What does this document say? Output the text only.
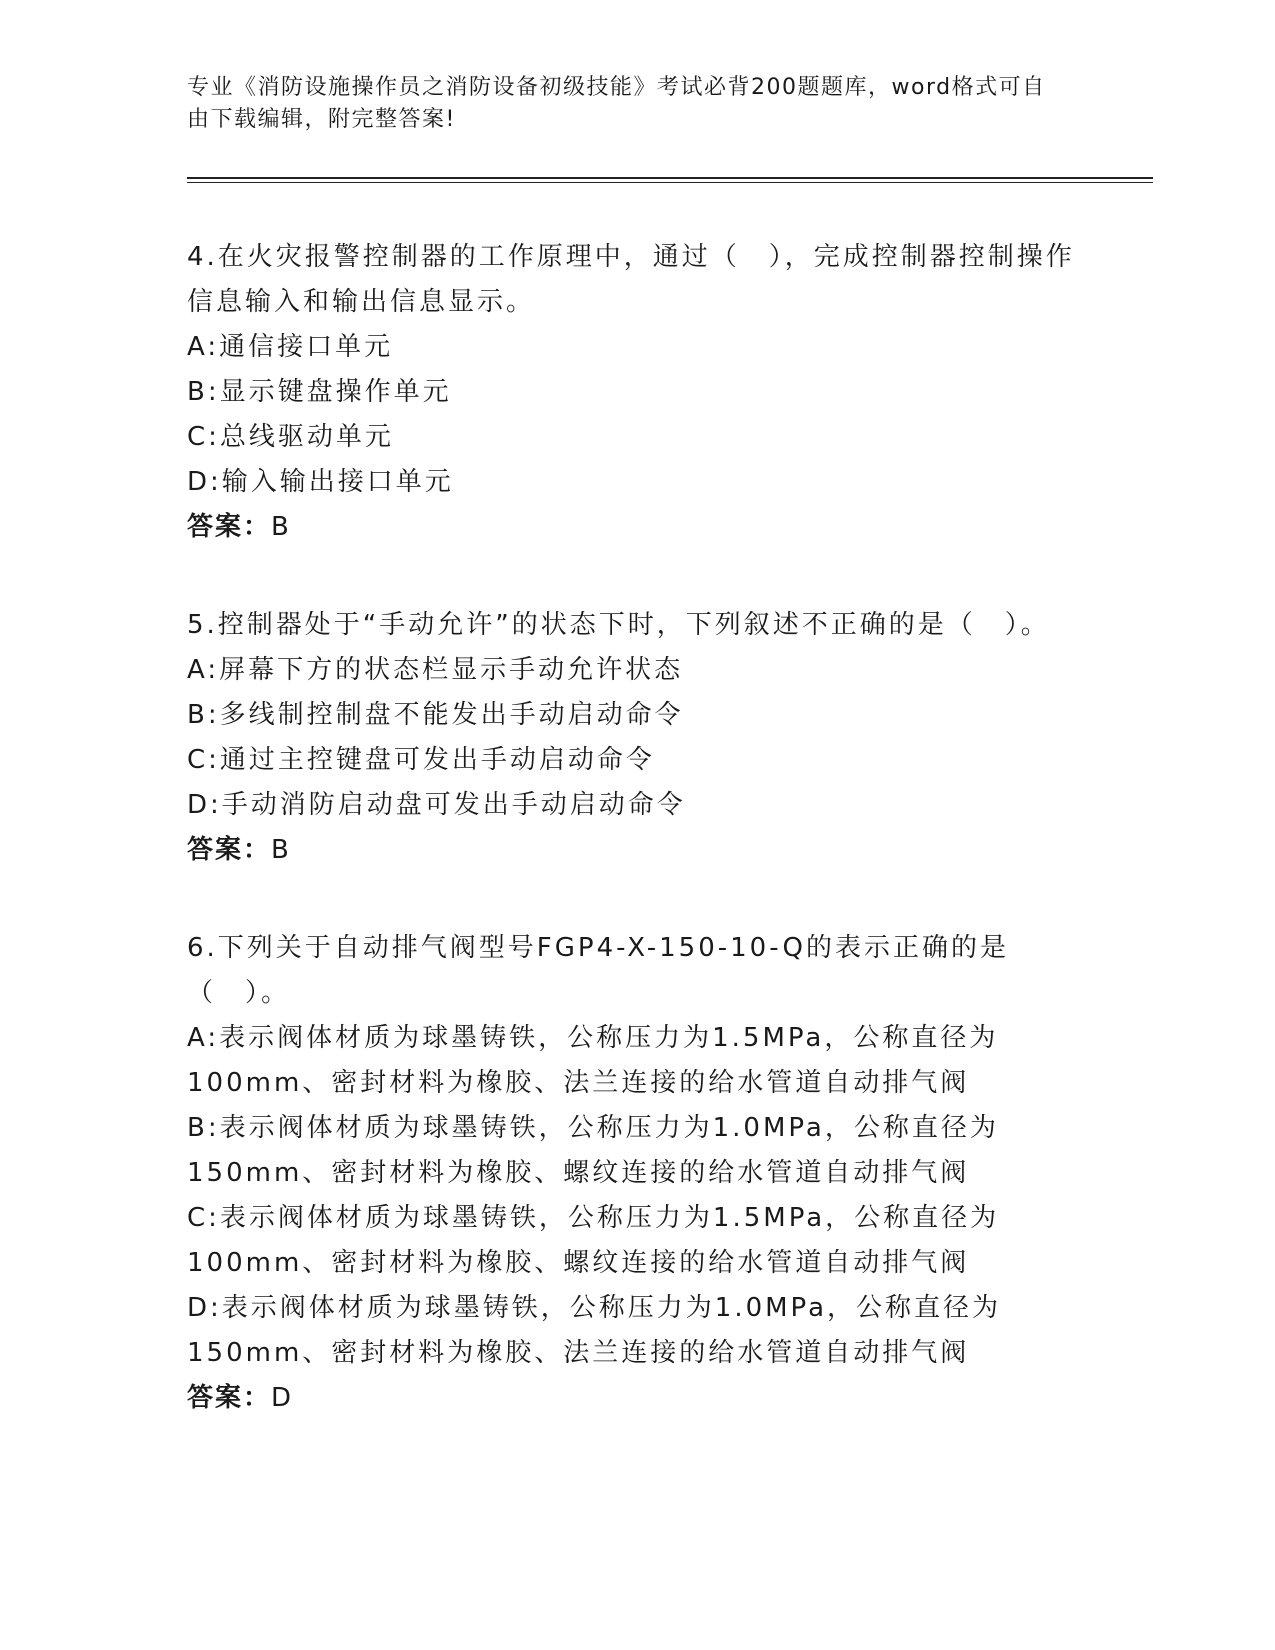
专业《消防设施操作员之消防设备初级技能》考试必背200题题库，word格式可自由下载编辑，附完整答案!

4.在火灾报警控制器的工作原理中，通过（　），完成控制器控制操作信息输入和输出信息显示。

A:通信接口单元

B:显示键盘操作单元

C:总线驱动单元

D:输入输出接口单元

答案：B

5.控制器处于“手动允许”的状态下时，下列叙述不正确的是（　）。

A:屏幕下方的状态栏显示手动允许状态

B:多线制控制盘不能发出手动启动命令

C:通过主控键盘可发出手动启动命令

D:手动消防启动盘可发出手动启动命令

答案：B

6.下列关于自动排气阀型号FGP4-X-150-10-Q的表示正确的是（　）。

A:表示阀体材质为球墨铸铁，公称压力为1.5MPa，公称直径为100mm、密封材料为橡胶、法兰连接的给水管道自动排气阀

B:表示阀体材质为球墨铸铁，公称压力为1.0MPa，公称直径为150mm、密封材料为橡胶、螺纹连接的给水管道自动排气阀

C:表示阀体材质为球墨铸铁，公称压力为1.5MPa，公称直径为100mm、密封材料为橡胶、螺纹连接的给水管道自动排气阀

D:表示阀体材质为球墨铸铁，公称压力为1.0MPa，公称直径为150mm、密封材料为橡胶、法兰连接的给水管道自动排气阀

答案：D
